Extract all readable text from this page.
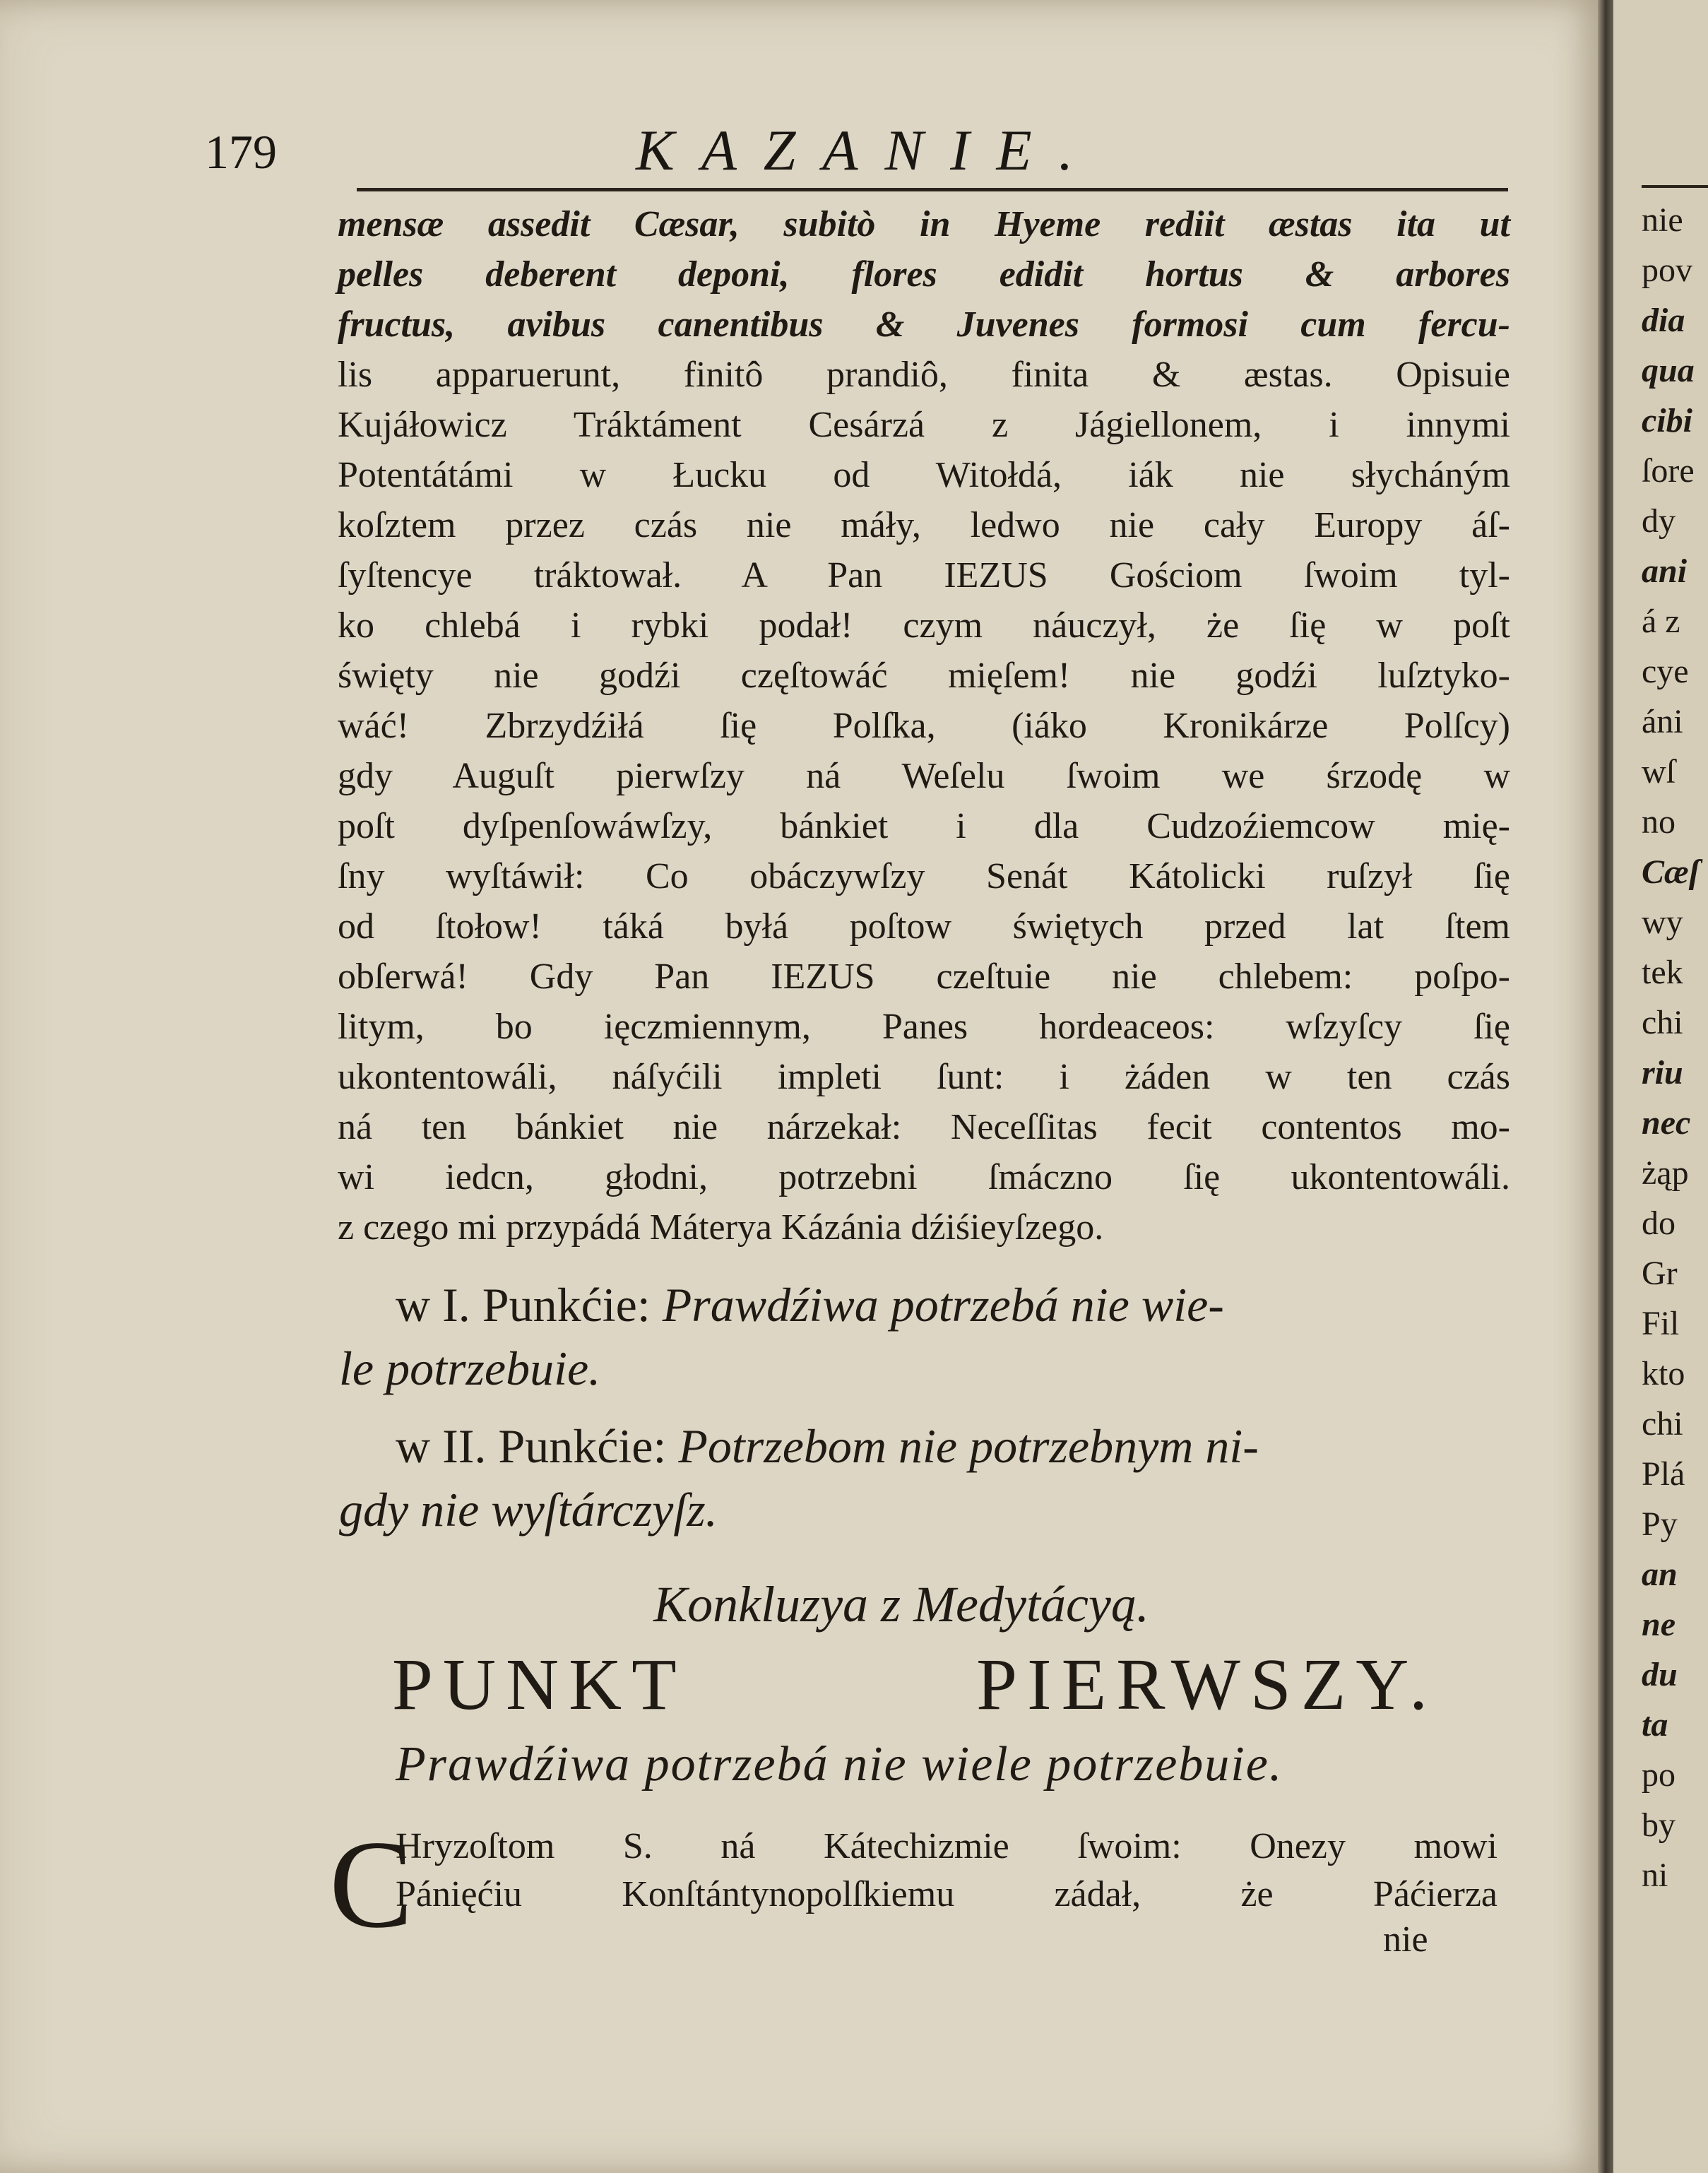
179	KAZANIE.
mensæ assedit Cæsar, subitò in Hyeme rediit æstas ita ut
pelles deberent deponi, flores edidit hortus & arbores
fructus, avibus canentibus & Juvenes formosi cum fercu-
lis apparuerunt, finitô prandiô, finita & æstas. Opisuie
Kujáłowicz Tráktáment Cesárzá z Jágiellonem, i innymi
Potentátámi w Łucku od Witołdá, iák nie słycháným
koſztem przez czás nie máły, ledwo nie cały Europy áſ-
ſyſtencye tráktował. A Pan IEZUS Gościom ſwoim tyl-
ko chlebá i rybki podał! czym náuczył, że ſię w poſt
święty nie godźi częſtowáć mięſem! nie godźi luſztyko-
wáć! Zbrzydźiłá ſię Polſka, (iáko Kronikárze Polſcy)
gdy Auguſt pierwſzy ná Weſelu ſwoim we śrzodę w
poſt dyſpenſowáwſzy, bánkiet i dla Cudzoźiemcow mię-
ſny wyſtáwił: Co obáczywſzy Senát Kátolicki ruſzył ſię
od ſtołow! táká byłá poſtow świętych przed lat ſtem
obſerwá! Gdy Pan IEZUS czeſtuie nie chlebem: poſpo-
litym, bo ięczmiennym, Panes hordeaceos: wſzyſcy ſię
ukontentowáli, náſyćili impleti ſunt: i żáden w ten czás
ná ten bánkiet nie nárzekał: Neceſſitas fecit contentos mo-
wi iedcn, głodni, potrzebni ſmáczno ſię ukontentowáli.
z czego mi przypádá Máterya Kázánia dźiśieyſzego.
w I. Punkćie: Prawdźiwa potrzebá nie wie-
le potrzebuie.
w II. Punkćie: Potrzebom nie potrzebnym ni-
gdy nie wyſtárczyſz.
Konkluzya z Medytácyą.
PUNKT PIERWSZY.
Prawdźiwa potrzebá nie wiele potrzebuie.
C
Hryzoſtom S. ná Kátechizmie ſwoim: Onezy mowi
Pánięćiu Konſtántynopolſkiemu zádał, że Páćierza
nie
nie
pov
dia
qua
cibi
ſore
dy
ani
á z
cye
áni
wſ
no
Cæſ
wy
tek
chi
riu
nec
żąp
do
Gr
Fil
kto
chi
Plá
Py
an
ne
du
ta
po
by
ni
